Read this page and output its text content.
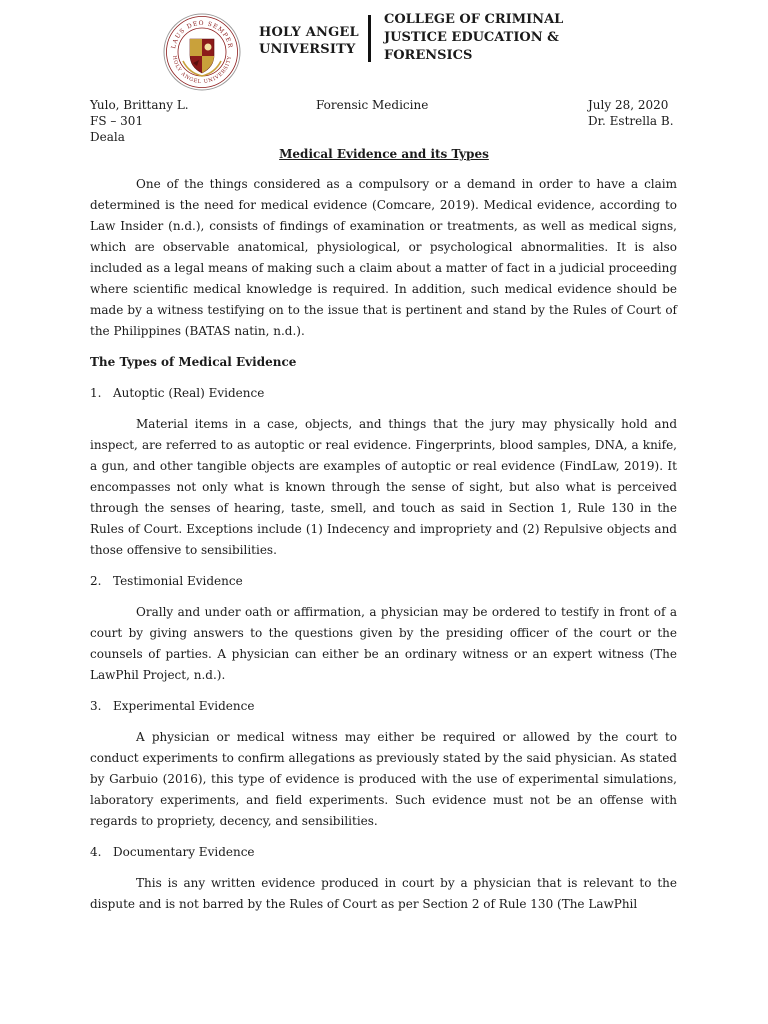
LAUS DEO SEMPER
HOLY ANGEL UNIVERSITY
HOLY ANGEL
UNIVERSITY
COLLEGE OF CRIMINAL
JUSTICE EDUCATION &
FORENSICS
Yulo, Brittany L.
FS – 301
Deala
Forensic Medicine	July 28, 2020
Dr. Estrella B.
Medical Evidence and its Types

One of the things considered as a compulsory or a demand in order to have a claim determined is the need for medical evidence (Comcare, 2019). Medical evidence, according to Law Insider (n.d.), consists of findings of examination or treatments, as well as medical signs, which are observable anatomical, physiological, or psychological abnormalities. It is also included as a legal means of making such a claim about a matter of fact in a judicial proceeding where scientific medical knowledge is required. In addition, such medical evidence should be made by a witness testifying on to the issue that is pertinent and stand by the Rules of Court of the Philippines (BATAS natin, n.d.).

The Types of Medical Evidence
1. Autoptic (Real) Evidence

Material items in a case, objects, and things that the jury may physically hold and inspect, are referred to as autoptic or real evidence. Fingerprints, blood samples, DNA, a knife, a gun, and other tangible objects are examples of autoptic or real evidence (FindLaw, 2019). It encompasses not only what is known through the sense of sight, but also what is perceived through the senses of hearing, taste, smell, and touch as said in Section 1, Rule 130 in the Rules of Court. Exceptions include (1) Indecency and impropriety and (2) Repulsive objects and those offensive to sensibilities.

2. Testimonial Evidence

Orally and under oath or affirmation, a physician may be ordered to testify in front of a court by giving answers to the questions given by the presiding officer of the court or the counsels of parties. A physician can either be an ordinary witness or an expert witness (The LawPhil Project, n.d.).

3. Experimental Evidence

A physician or medical witness may either be required or allowed by the court to conduct experiments to confirm allegations as previously stated by the said physician. As stated by Garbuio (2016), this type of evidence is produced with the use of experimental simulations, laboratory experiments, and field experiments. Such evidence must not be an offense with regards to propriety, decency, and sensibilities.

4. Documentary Evidence

This is any written evidence produced in court by a physician that is relevant to the dispute and is not barred by the Rules of Court as per Section 2 of Rule 130 (The LawPhil
